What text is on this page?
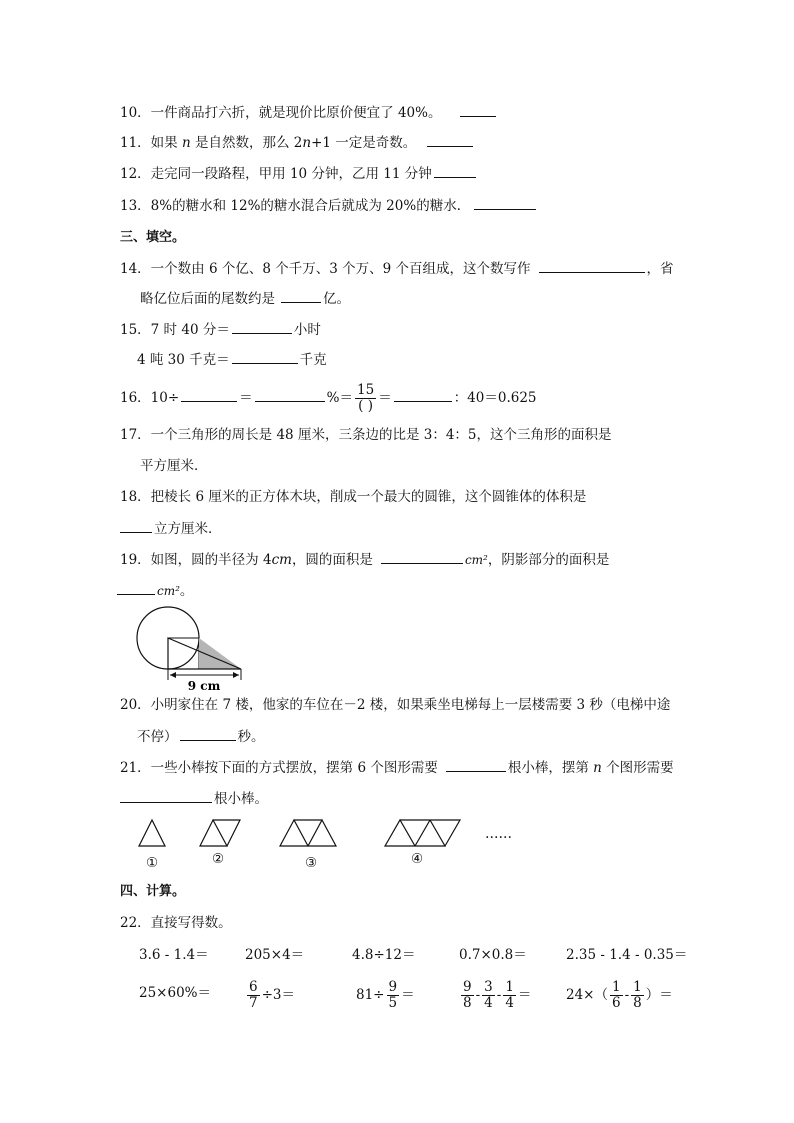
10．一件商品打六折，就是现价比原价便宜了 40%。
11．如果 n 是自然数，那么 2n+1 一定是奇数。
12．走完同一段路程，甲用 10 分钟，乙用 11 分钟
13．8%的糖水和 12%的糖水混合后就成为 20%的糖水．
三、填空。
14．一个数由 6 个亿、8 个千万、3 个万、9 个百组成，这个数写作	，省
略亿位后面的尾数约是	亿。
15．7 时 40 分＝	小时
4 吨 30 千克＝	千克
16．10÷	＝	%＝ $\frac{15}{( )}$ ＝	：40＝0.625
17．一个三角形的周长是 48 厘米，三条边的比是 3：4：5，这个三角形的面积是
平方厘米．
18．把棱长 6 厘米的正方体木块，削成一个最大的圆锥，这个圆锥体的体积是
立方厘米．
19．如图，圆的半径为 4cm，圆的面积是	cm²，阴影部分的面积是
cm²。
9 cm
20．小明家住在 7 楼，他家的车位在－2 楼，如果乘坐电梯每上一层楼需要 3 秒（电梯中途
不停）	秒。
21．一些小棒按下面的方式摆放，摆第 6 个图形需要	根小棒，摆第 n 个图形需要
根小棒。
①	②	③	④
……
四、计算。
22．直接写得数。
3.6 - 1.4＝	205×4＝	4.8÷12＝	0.7×0.8＝	2.35 - 1.4 - 0.35＝
25×60%＝	$\frac{6}{7} \div 3=$	$81\div \frac{9}{5}$ ＝	$\frac{9}{8} - \frac{3}{4} - \frac{1}{4}$ ＝	$24\times( \frac{1}{6} - \frac{1}{8}$ ）＝
